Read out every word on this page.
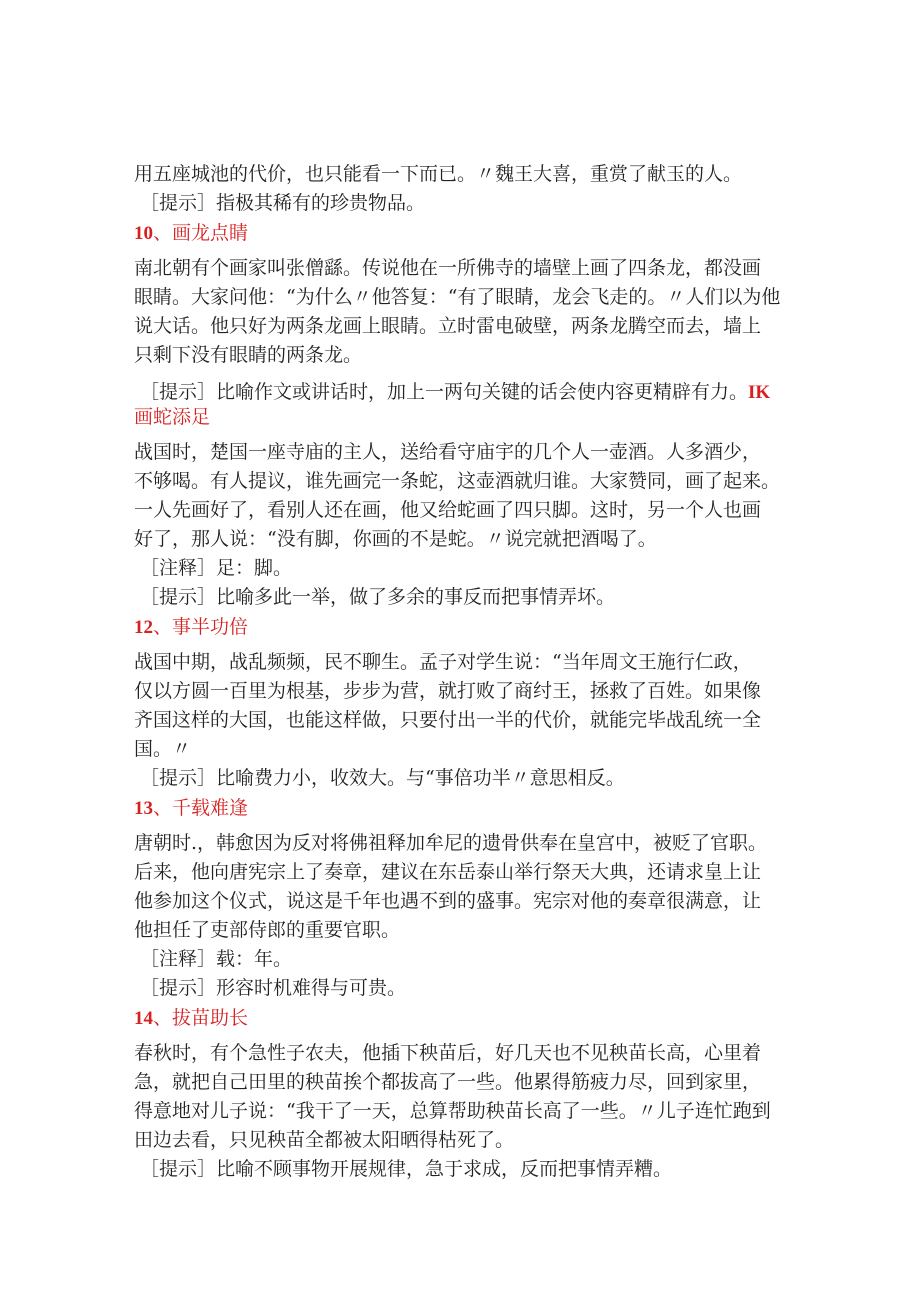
用五座城池的代价，也只能看一下而已。〃魏王大喜，重赏了献玉的人。
［提示］指极其稀有的珍贵物品。
10、画龙点睛
南北朝有个画家叫张僧繇。传说他在一所佛寺的墙壁上画了四条龙，都没画
眼睛。大家问他：“为什么〃他答复：“有了眼睛，龙会飞走的。〃人们以为他
说大话。他只好为两条龙画上眼睛。立时雷电破壁，两条龙腾空而去，墙上
只剩下没有眼睛的两条龙。
［提示］比喻作文或讲话时，加上一两句关键的话会使内容更精辟有力。IK
画蛇添足
战国时，楚国一座寺庙的主人，送给看守庙宇的几个人一壶酒。人多酒少，
不够喝。有人提议，谁先画完一条蛇，这壶酒就归谁。大家赞同，画了起来。
一人先画好了，看别人还在画，他又给蛇画了四只脚。这时，另一个人也画
好了，那人说：“没有脚，你画的不是蛇。〃说完就把酒喝了。
［注释］足：脚。
［提示］比喻多此一举，做了多余的事反而把事情弄坏。
12、事半功倍
战国中期，战乱频频，民不聊生。孟子对学生说：“当年周文王施行仁政，
仅以方圆一百里为根基，步步为营，就打败了商纣王，拯救了百姓。如果像
齐国这样的大国，也能这样做，只要付出一半的代价，就能完毕战乱统一全
国。〃
［提示］比喻费力小，收效大。与“事倍功半〃意思相反。
13、千载难逢
唐朝时.，韩愈因为反对将佛祖释加牟尼的遗骨供奉在皇宫中，被贬了官职。
后来，他向唐宪宗上了奏章，建议在东岳泰山举行祭天大典，还请求皇上让
他参加这个仪式，说这是千年也遇不到的盛事。宪宗对他的奏章很满意，让
他担任了吏部侍郎的重要官职。
［注释］载：年。
［提示］形容时机难得与可贵。
14、拔苗助长
春秋时，有个急性子农夫，他插下秧苗后，好几天也不见秧苗长高，心里着
急，就把自己田里的秧苗挨个都拔高了一些。他累得筋疲力尽，回到家里，
得意地对儿子说：“我干了一天，总算帮助秧苗长高了一些。〃儿子连忙跑到
田边去看，只见秧苗全都被太阳晒得枯死了。
［提示］比喻不顾事物开展规律，急于求成，反而把事情弄糟。
